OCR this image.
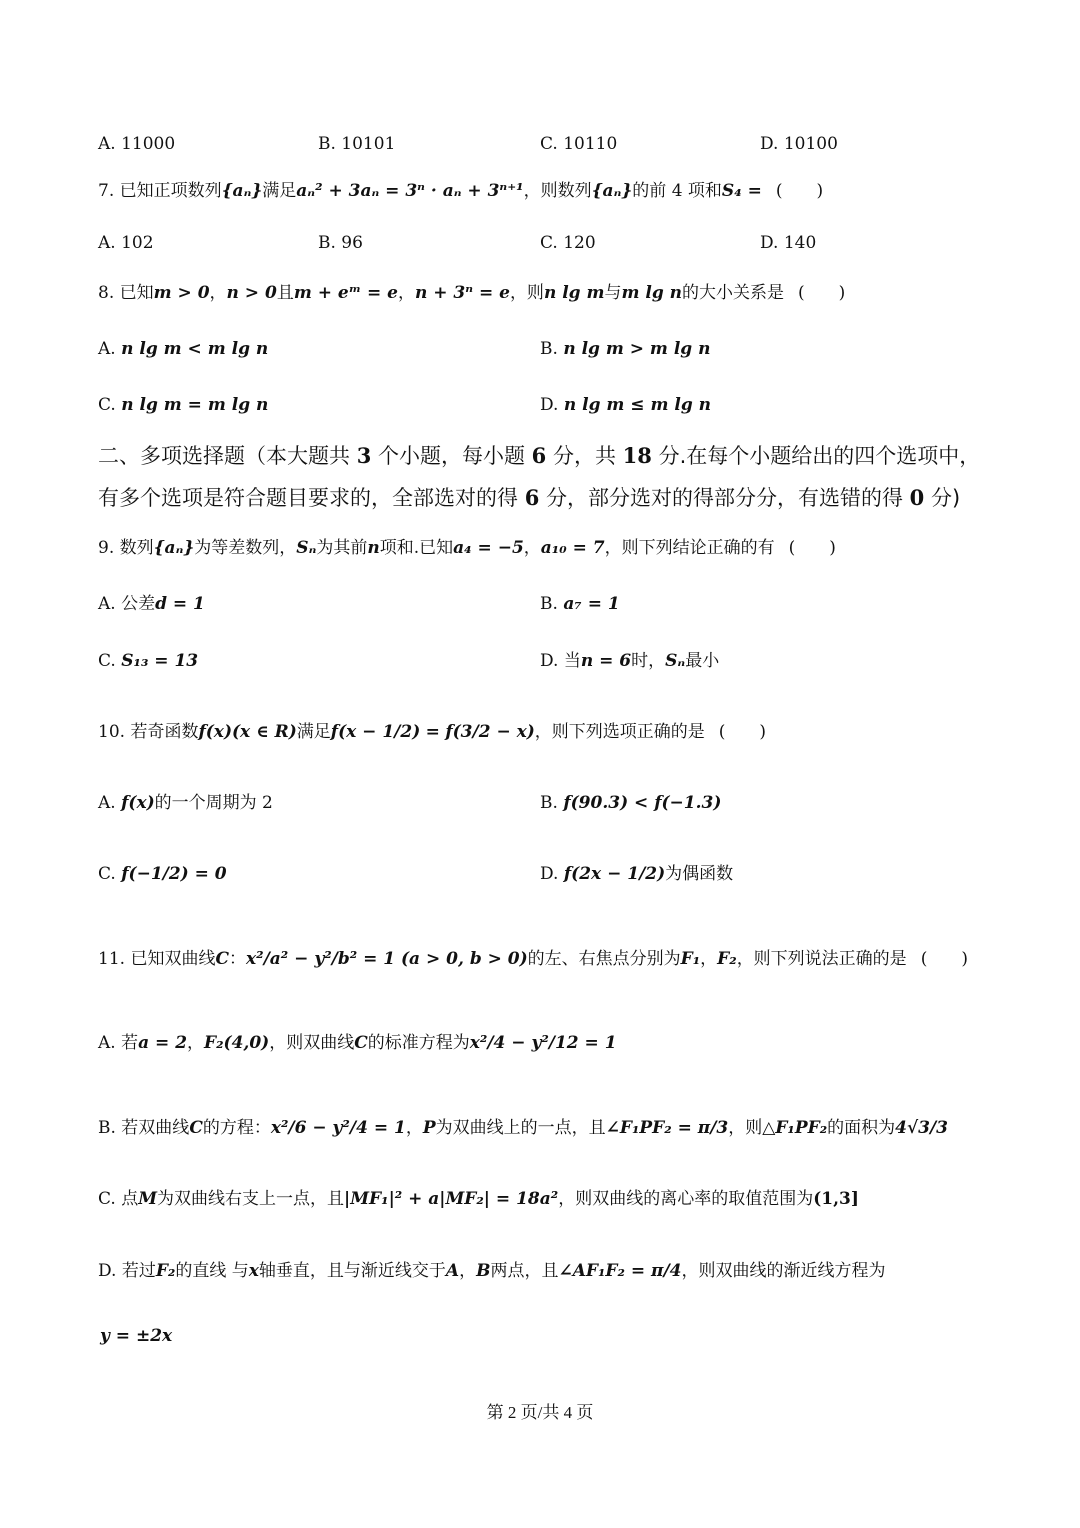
A. 11000	B. 10101	C. 10110	D. 10100
7. 已知正项数列{aₙ}满足aₙ² + 3aₙ = 3ⁿ · aₙ + 3ⁿ⁺¹，则数列{aₙ}的前 4 项和S₄ = (　　)
A. 102	B. 96	C. 120	D. 140
8. 已知m > 0，n > 0且m + eᵐ = e，n + 3ⁿ = e，则n lg m与m lg n的大小关系是 (　　)
A. n lg m < m lg n	B. n lg m > m lg n
C. n lg m = m lg n	D. n lg m ≤ m lg n
二、多项选择题（本大题共 3 个小题，每小题 6 分，共 18 分.在每个小题给出的四个选项中，
有多个选项是符合题目要求的，全部选对的得 6 分，部分选对的得部分分，有选错的得 0 分)
9. 数列{aₙ}为等差数列，Sₙ为其前n项和.已知a₄ = −5，a₁₀ = 7，则下列结论正确的有 (　　)
A. 公差d = 1	B. a₇ = 1
C. S₁₃ = 13	D. 当n = 6时，Sₙ最小
10. 若奇函数f(x)(x ∈ R)满足f(x − 1/2) = f(3/2 − x)，则下列选项正确的是 (　　)
A. f(x)的一个周期为 2	B. f(90.3) < f(−1.3)
C. f(−1/2) = 0	D. f(2x − 1/2)为偶函数
11. 已知双曲线C：x²/a² − y²/b² = 1 (a > 0, b > 0)的左、右焦点分别为F₁，F₂，则下列说法正确的是 (　　)
A. 若a = 2，F₂(4,0)，则双曲线C的标准方程为x²/4 − y²/12 = 1
B. 若双曲线C的方程：x²/6 − y²/4 = 1，P为双曲线上的一点，且∠F₁PF₂ = π/3，则△F₁PF₂的面积为4√3/3
C. 点M为双曲线右支上一点，且|MF₁|² + a|MF₂| = 18a²，则双曲线的离心率的取值范围为(1,3]
D. 若过F₂的直线 与x轴垂直，且与渐近线交于A，B两点，且∠AF₁F₂ = π/4，则双曲线的渐近线方程为
y = ±2x
第 2 页/共 4 页
